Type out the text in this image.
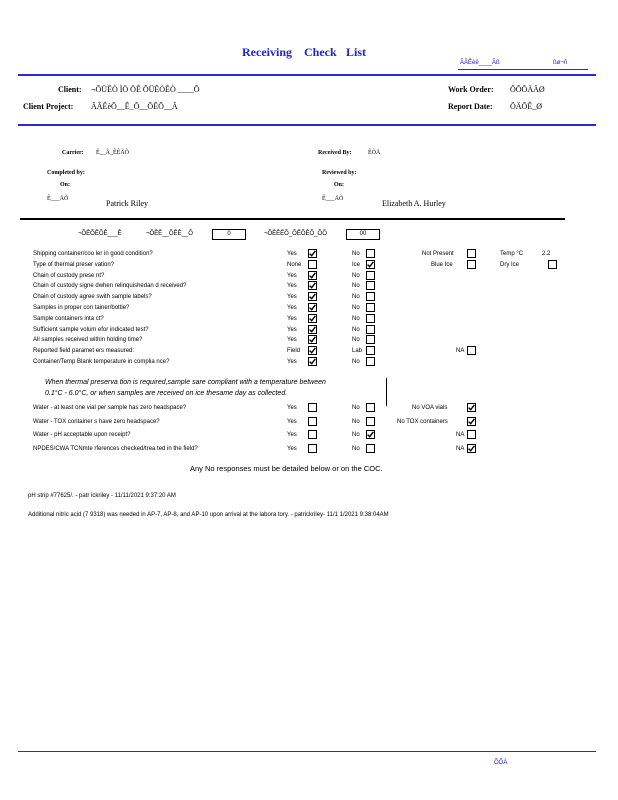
Receiving Check List
ÃÂÊèë____Ãß	ßø¬ñ
Client: ¬ÕÜÊÒ ÌÖ ÖÊ ÕÜÊÒÊÒ ____Õ
Client Project: ÃÂÊèÕ__Ê_Õ__ÕÊÕ__Â
Work Order: ÕÕÕÄÄØ
Report Date: ÕÄÕÊ_Ø
Carrier: Ê__Ã_ÊÊÃÕ	Received By:	ÊÕÄ
Completed by:
On:
Ê___ÄÕ	Patrick Riley
Reviewed by:
On:
Ê___ÄÕ	Elizabeth A. Hurley
¬ÕÊÕÊÕÊ___Ê	¬ÕÊÊ__ÕÊÊ__Õ	0	¬ÕÊÊÊÕ_ÕÊÕÊÕ_ÕÕ	00
Shipping container/coo ler in good condition?	Yes	No	Not Present	Temp °C	2.2
Type of thermal preser vation?	None	Ice	Blue Ice	Dry Ice
Chain of custody prese nt?	Yes	No
Chain of custody signe dwhen relinquishedan d received?	Yes	No
Chain of custody agree swith sample labels?	Yes	No
Samples in proper con tainer/bottle?	Yes	No
Sample containers inta ct?	Yes	No
Sufficient sample volum efor indicated test?	Yes	No
All samples received within holding time?	Yes	No
Reported field paramet ers measured:	Field	Lab	NA
Container/Temp Blank temperature in complia nce?	Yes	No
When thermal preserva tion is required,sample sare compliant with a temperature between
0.1°C - 6.0°C, or when samples are received on ice thesame day as collected.
Water - at least one vial per sample has zero headspace?	Yes	No	No VOA vials
Water - TOX container s have zero headspace?	Yes	No	No TOX containers
Water - pH acceptable upon receipt?	Yes	No	NA
NPDES/CWA TCNmte rferences checked/trea ted in the field?	Yes	No	NA
Any No responses must be detailed below or on the COC.
pH strip #77625/. - patr ickriley - 11/11/2021 9:37:20 AM
Additional nitric acid (7 9318) was needed in AP-7, AP-8, and AP-10 upon arrival at the labora tory. - patrickriley- 11/1 1/2021 9:38:04AM
ÕÕÄ
